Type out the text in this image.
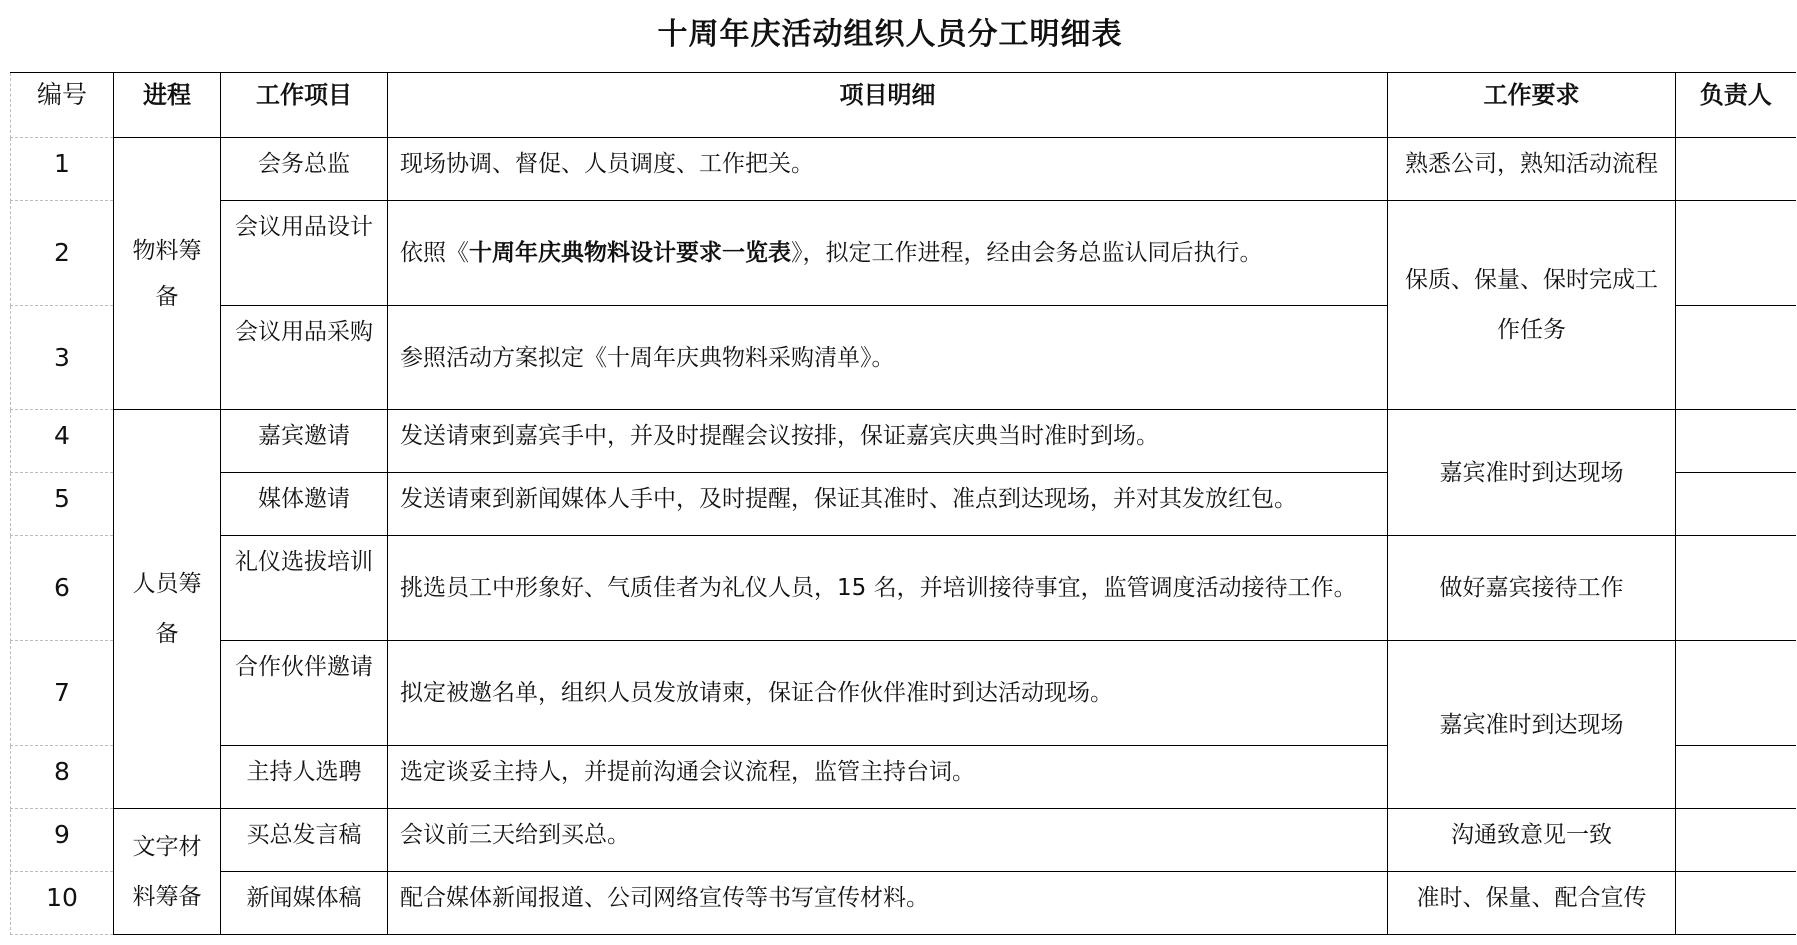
十周年庆活动组织人员分工明细表
编号	进程	工作项目	项目明细	工作要求	负责人
1	物料筹备	会务总监	现场协调、督促、人员调度、工作把关。	熟悉公司，熟知活动流程	
2		会议用品设计	依照《十周年庆典物料设计要求一览表》，拟定工作进程，经由会务总监认同后执行。	保质、保量、保时完成工作任务	
3		会议用品采购	参照活动方案拟定《十周年庆典物料采购清单》。		
4	人员筹备	嘉宾邀请	发送请柬到嘉宾手中，并及时提醒会议按排，保证嘉宾庆典当时准时到场。	嘉宾准时到达现场	
5		媒体邀请	发送请柬到新闻媒体人手中，及时提醒，保证其准时、准点到达现场，并对其发放红包。		
6		礼仪选拔培训	挑选员工中形象好、气质佳者为礼仪人员，15 名，并培训接待事宜，监管调度活动接待工作。	做好嘉宾接待工作	
7		合作伙伴邀请	拟定被邀名单，组织人员发放请柬，保证合作伙伴准时到达活动现场。	嘉宾准时到达现场	
8		主持人选聘	选定谈妥主持人，并提前沟通会议流程，监管主持台词。		
9	文字材料筹备	买总发言稿	会议前三天给到买总。	沟通致意见一致	
10		新闻媒体稿	配合媒体新闻报道、公司网络宣传等书写宣传材料。	准时、保量、配合宣传	
